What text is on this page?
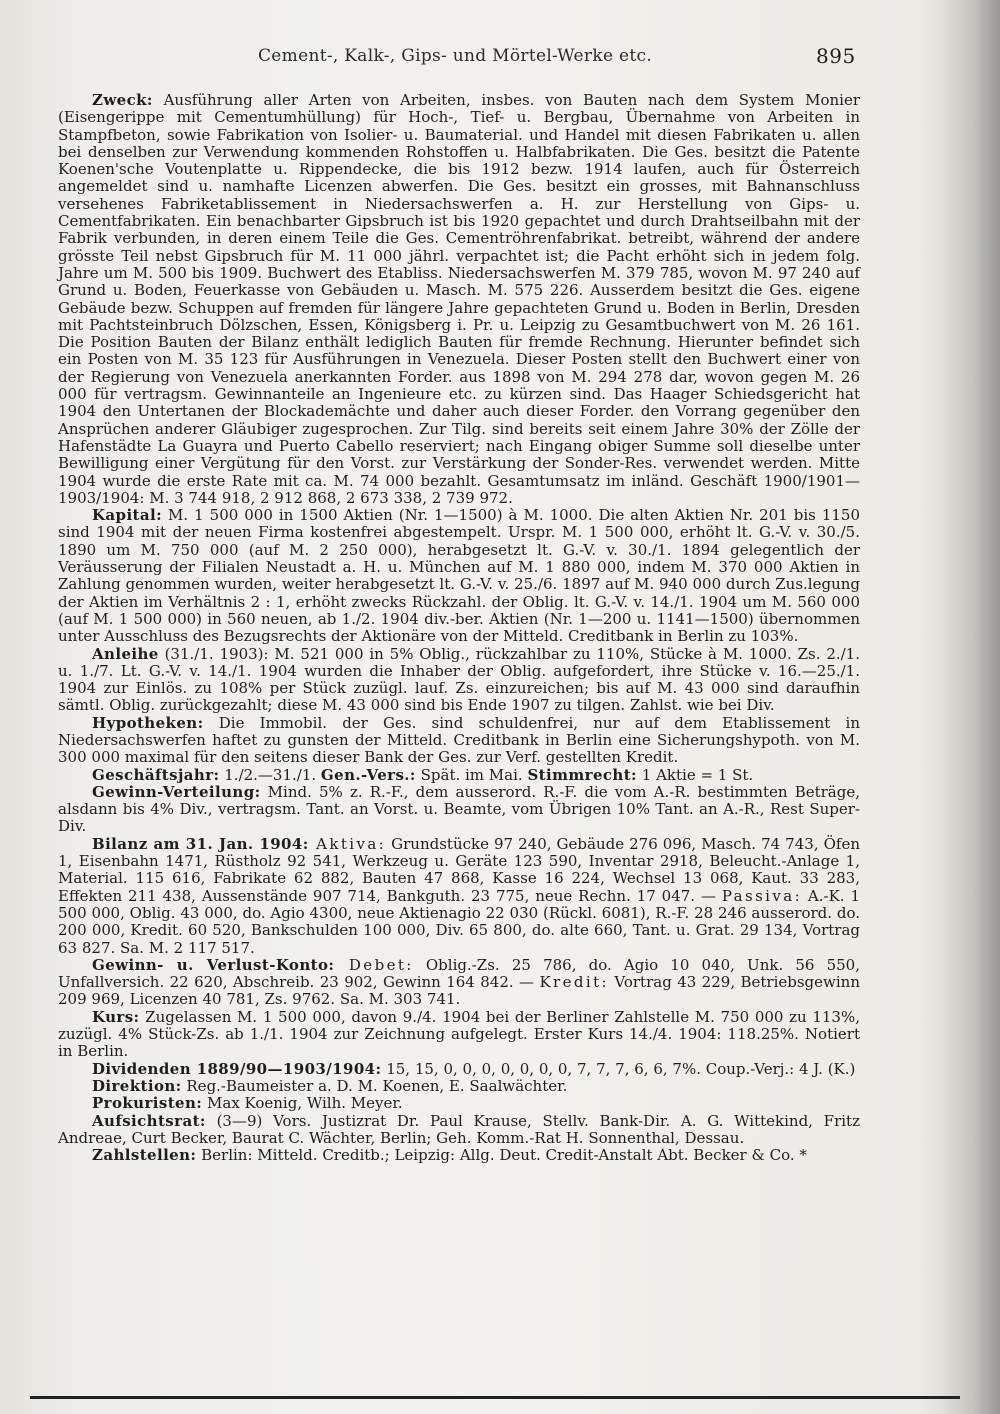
Cement-, Kalk-, Gips- und Mörtel-Werke etc.	895

Zweck: Ausführung aller Arten von Arbeiten, insbes. von Bauten nach dem System Monier (Eisengerippe mit Cementumhüllung) für Hoch-, Tief- u. Bergbau, Übernahme von Arbeiten in Stampfbeton, sowie Fabrikation von Isolier- u. Baumaterial. und Handel mit diesen Fabrikaten u. allen bei denselben zur Verwendung kommenden Rohstoffen u. Halbfabrikaten. Die Ges. besitzt die Patente Koenen'sche Voutenplatte u. Rippendecke, die bis 1912 bezw. 1914 laufen, auch für Österreich angemeldet sind u. namhafte Licenzen abwerfen. Die Ges. besitzt ein grosses, mit Bahnanschluss versehenes Fabriketablissement in Niedersachswerfen a. H. zur Herstellung von Gips- u. Cementfabrikaten. Ein benachbarter Gipsbruch ist bis 1920 gepachtet und durch Drahtseilbahn mit der Fabrik verbunden, in deren einem Teile die Ges. Cementröhrenfabrikat. betreibt, während der andere grösste Teil nebst Gipsbruch für M. 11 000 jährl. verpachtet ist; die Pacht erhöht sich in jedem folg. Jahre um M. 500 bis 1909. Buchwert des Etabliss. Niedersachswerfen M. 379 785, wovon M. 97 240 auf Grund u. Boden, Feuerkasse von Gebäuden u. Masch. M. 575 226. Ausserdem besitzt die Ges. eigene Gebäude bezw. Schuppen auf fremden für längere Jahre gepachteten Grund u. Boden in Berlin, Dresden mit Pachtsteinbruch Dölzschen, Essen, Königsberg i. Pr. u. Leipzig zu Gesamtbuchwert von M. 26 161. Die Position Bauten der Bilanz enthält lediglich Bauten für fremde Rechnung. Hierunter befindet sich ein Posten von M. 35 123 für Ausführungen in Venezuela. Dieser Posten stellt den Buchwert einer von der Regierung von Venezuela anerkannten Forder. aus 1898 von M. 294 278 dar, wovon gegen M. 26 000 für vertragsm. Gewinnanteile an Ingenieure etc. zu kürzen sind. Das Haager Schiedsgericht hat 1904 den Untertanen der Blockademächte und daher auch dieser Forder. den Vorrang gegenüber den Ansprüchen anderer Gläubiger zugesprochen. Zur Tilg. sind bereits seit einem Jahre 30% der Zölle der Hafenstädte La Guayra und Puerto Cabello reserviert; nach Eingang obiger Summe soll dieselbe unter Bewilligung einer Vergütung für den Vorst. zur Verstärkung der Sonder-Res. verwendet werden. Mitte 1904 wurde die erste Rate mit ca. M. 74 000 bezahlt. Gesamtumsatz im inländ. Geschäft 1900/1901—1903/1904: M. 3 744 918, 2 912 868, 2 673 338, 2 739 972.

Kapital: M. 1 500 000 in 1500 Aktien (Nr. 1—1500) à M. 1000. Die alten Aktien Nr. 201 bis 1150 sind 1904 mit der neuen Firma kostenfrei abgestempelt. Urspr. M. 1 500 000, erhöht lt. G.-V. v. 30./5. 1890 um M. 750 000 (auf M. 2 250 000), herabgesetzt lt. G.-V. v. 30./1. 1894 gelegentlich der Veräusserung der Filialen Neustadt a. H. u. München auf M. 1 880 000, indem M. 370 000 Aktien in Zahlung genommen wurden, weiter herabgesetzt lt. G.-V. v. 25./6. 1897 auf M. 940 000 durch Zus.legung der Aktien im Verhältnis 2 : 1, erhöht zwecks Rückzahl. der Oblig. lt. G.-V. v. 14./1. 1904 um M. 560 000 (auf M. 1 500 000) in 560 neuen, ab 1./2. 1904 div.-ber. Aktien (Nr. 1—200 u. 1141—1500) übernommen unter Ausschluss des Bezugsrechts der Aktionäre von der Mitteld. Creditbank in Berlin zu 103%.

Anleihe (31./1. 1903): M. 521 000 in 5% Oblig., rückzahlbar zu 110%, Stücke à M. 1000. Zs. 2./1. u. 1./7. Lt. G.-V. v. 14./1. 1904 wurden die Inhaber der Oblig. aufgefordert, ihre Stücke v. 16.—25./1. 1904 zur Einlös. zu 108% per Stück zuzügl. lauf. Zs. einzureichen; bis auf M. 43 000 sind daraufhin sämtl. Oblig. zurückgezahlt; diese M. 43 000 sind bis Ende 1907 zu tilgen. Zahlst. wie bei Div.

Hypotheken: Die Immobil. der Ges. sind schuldenfrei, nur auf dem Etablissement in Niedersachswerfen haftet zu gunsten der Mitteld. Creditbank in Berlin eine Sicherungshypoth. von M. 300 000 maximal für den seitens dieser Bank der Ges. zur Verf. gestellten Kredit.

Geschäftsjahr: 1./2.—31./1. Gen.-Vers.: Spät. im Mai. Stimmrecht: 1 Aktie = 1 St.

Gewinn-Verteilung: Mind. 5% z. R.-F., dem ausserord. R.-F. die vom A.-R. bestimmten Beträge, alsdann bis 4% Div., vertragsm. Tant. an Vorst. u. Beamte, vom Übrigen 10% Tant. an A.-R., Rest Super-Div.

Bilanz am 31. Jan. 1904: Aktiva: Grundstücke 97 240, Gebäude 276 096, Masch. 74 743, Öfen 1, Eisenbahn 1471, Rüstholz 92 541, Werkzeug u. Geräte 123 590, Inventar 2918, Beleucht.-Anlage 1, Material. 115 616, Fabrikate 62 882, Bauten 47 868, Kasse 16 224, Wechsel 13 068, Kaut. 33 283, Effekten 211 438, Aussenstände 907 714, Bankguth. 23 775, neue Rechn. 17 047. — Passiva: A.-K. 1 500 000, Oblig. 43 000, do. Agio 4300, neue Aktienagio 22 030 (Rückl. 6081), R.-F. 28 246 ausserord. do. 200 000, Kredit. 60 520, Bankschulden 100 000, Div. 65 800, do. alte 660, Tant. u. Grat. 29 134, Vortrag 63 827. Sa. M. 2 117 517.

Gewinn- u. Verlust-Konto: Debet: Oblig.-Zs. 25 786, do. Agio 10 040, Unk. 56 550, Unfallversich. 22 620, Abschreib. 23 902, Gewinn 164 842. — Kredit: Vortrag 43 229, Betriebsgewinn 209 969, Licenzen 40 781, Zs. 9762. Sa. M. 303 741.

Kurs: Zugelassen M. 1 500 000, davon 9./4. 1904 bei der Berliner Zahlstelle M. 750 000 zu 113%, zuzügl. 4% Stück-Zs. ab 1./1. 1904 zur Zeichnung aufgelegt. Erster Kurs 14./4. 1904: 118.25%. Notiert in Berlin.

Dividenden 1889/90—1903/1904: 15, 15, 0, 0, 0, 0, 0, 0, 0, 7, 7, 7, 6, 6, 7%. Coup.-Verj.: 4 J. (K.)

Direktion: Reg.-Baumeister a. D. M. Koenen, E. Saalwächter.

Prokuristen: Max Koenig, Wilh. Meyer.

Aufsichtsrat: (3—9) Vors. Justizrat Dr. Paul Krause, Stellv. Bank-Dir. A. G. Wittekind, Fritz Andreae, Curt Becker, Baurat C. Wächter, Berlin; Geh. Komm.-Rat H. Sonnenthal, Dessau.

Zahlstellen: Berlin: Mitteld. Creditb.; Leipzig: Allg. Deut. Credit-Anstalt Abt. Becker & Co. *
